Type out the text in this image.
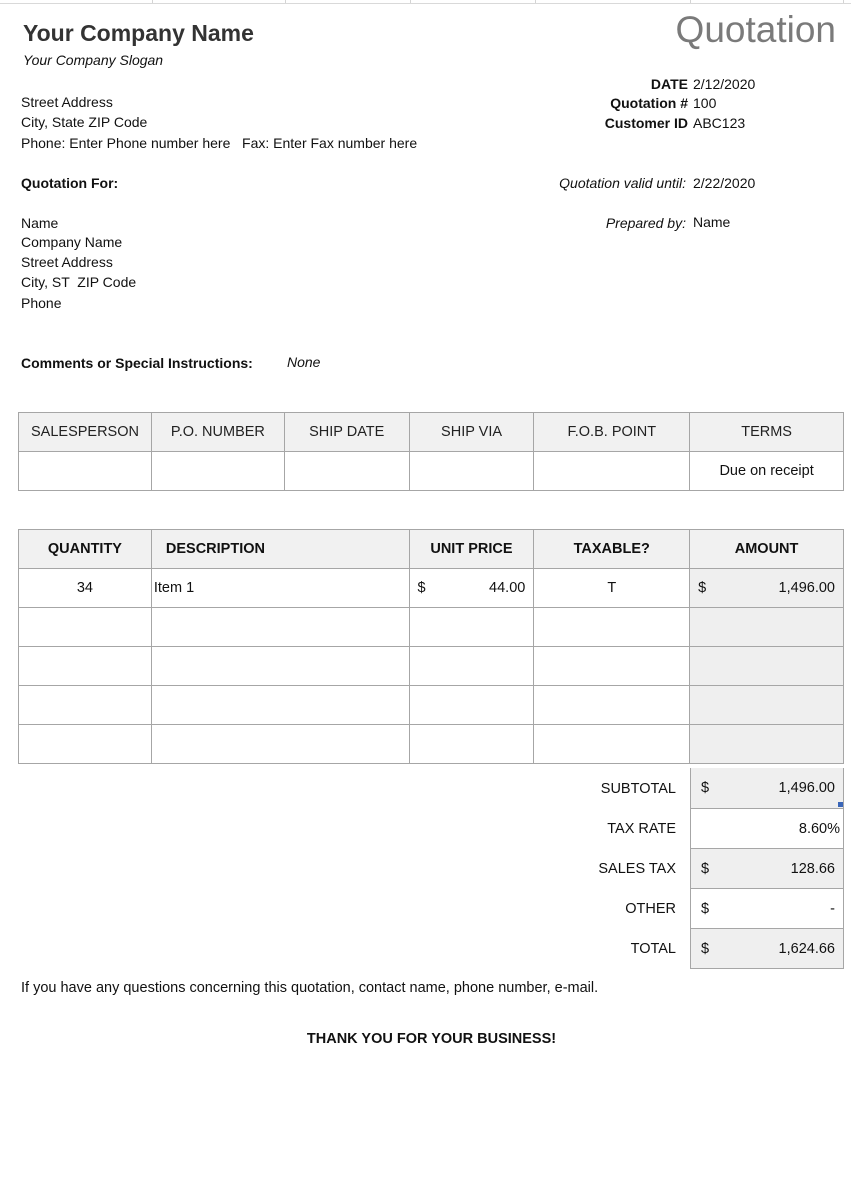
Your Company Name
Your Company Slogan
Quotation
Street Address
City, State ZIP Code
Phone: Enter Phone number here   Fax: Enter Fax number here
DATE 2/12/2020
Quotation # 100
Customer ID ABC123
Quotation For:	Quotation valid until: 2/22/2020
Prepared by: Name
Name
Company Name
Street Address
City, ST  ZIP Code
Phone
Comments or Special Instructions: None
SALESPERSON	P.O. NUMBER	SHIP DATE	SHIP VIA	F.O.B. POINT	TERMS
					Due on receipt
QUANTITY	DESCRIPTION	UNIT PRICE	TAXABLE?	AMOUNT
34	Item 1	$ 44.00	T	$ 1,496.00

SUBTOTAL $	1,496.00
TAX RATE	8.60%
SALES TAX $	128.66
OTHER $	-
TOTAL $	1,624.66
If you have any questions concerning this quotation, contact name, phone number, e-mail.
THANK YOU FOR YOUR BUSINESS!
